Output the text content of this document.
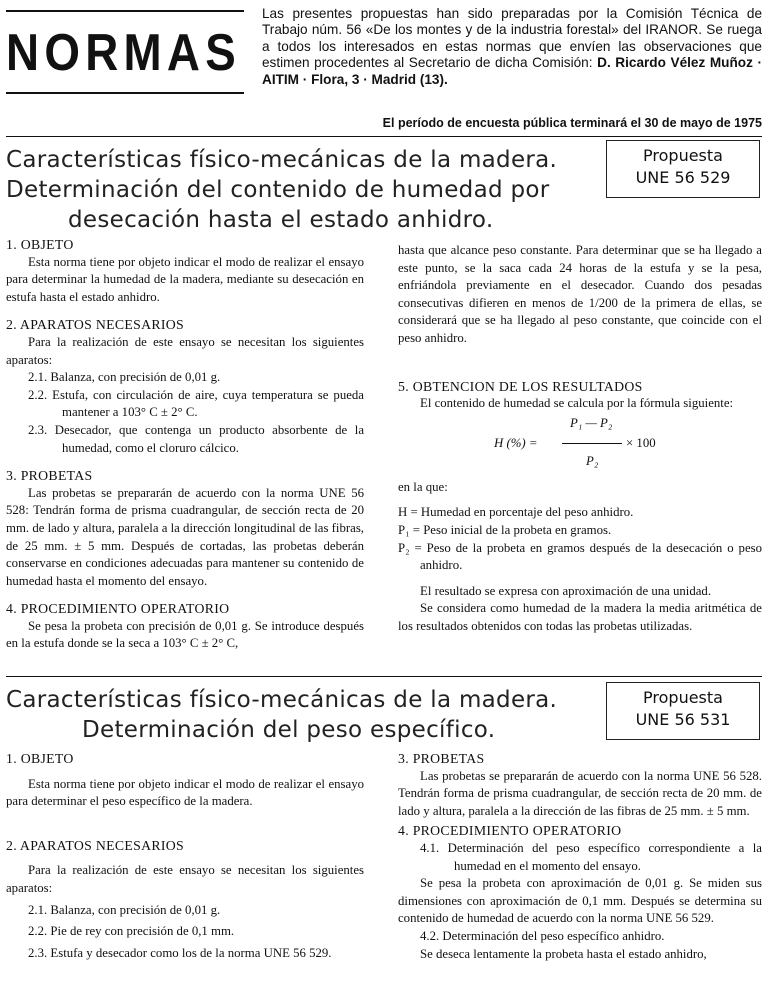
NORMAS
Las presentes propuestas han sido preparadas por la Comisión Técnica de Trabajo núm. 56 «De los montes y de la industria forestal» del IRANOR. Se ruega a todos los interesados en estas normas que envíen las observaciones que estimen procedentes al Secretario de dicha Comisión: D. Ricardo Vélez Muñoz · AITIM · Flora, 3 · Madrid (13).
El período de encuesta pública terminará el 30 de mayo de 1975
Características físico-mecánicas de la madera.
Determinación del contenido de humedad por
desecación hasta el estado anhidro.
Propuesta
UNE 56 529

1. OBJETO

Esta norma tiene por objeto indicar el modo de realizar el ensayo para determinar la humedad de la madera, mediante su desecación en estufa hasta el estado anhidro.

2. APARATOS NECESARIOS

Para la realización de este ensayo se necesitan los siguientes aparatos:

2.1. Balanza, con precisión de 0,01 g.

2.2. Estufa, con circulación de aire, cuya temperatura se pueda mantener a 103° C ± 2° C.

2.3. Desecador, que contenga un producto absorbente de la humedad, como el cloruro cálcico.

3. PROBETAS

Las probetas se prepararán de acuerdo con la norma UNE 56 528: Tendrán forma de prisma cuadrangular, de sección recta de 20 mm. de lado y altura, paralela a la dirección longitudinal de las fibras, de 25 mm. ± 5 mm. Después de cortadas, las probetas deberán conservarse en condiciones adecuadas para mantener su contenido de humedad hasta el momento del ensayo.

4. PROCEDIMIENTO OPERATORIO

Se pesa la probeta con precisión de 0,01 g. Se introduce después en la estufa donde se la seca a 103° C ± 2° C,

hasta que alcance peso constante. Para determinar que se ha llegado a este punto, se la saca cada 24 horas de la estufa y se la pesa, enfriándola previamente en el desecador. Cuando dos pesadas consecutivas difieren en menos de 1/200 de la primera de ellas, se considerará que se ha llegado al peso constante, que coincide con el peso anhidro.

5. OBTENCION DE LOS RESULTADOS

El contenido de humedad se calcula por la fórmula siguiente:

H (%) =
P₁ — P₂
P₂
× 100

en la que:

H = Humedad en porcentaje del peso anhidro.

P₁ = Peso inicial de la probeta en gramos.

P₂ = Peso de la probeta en gramos después de la desecación o peso anhidro.

El resultado se expresa con aproximación de una unidad.

Se considera como humedad de la madera la media aritmética de los resultados obtenidos con todas las probetas utilizadas.

Características físico-mecánicas de la madera.
Determinación del peso específico.
Propuesta
UNE 56 531

1. OBJETO

Esta norma tiene por objeto indicar el modo de realizar el ensayo para determinar el peso específico de la madera.

2. APARATOS NECESARIOS

Para la realización de este ensayo se necesitan los siguientes aparatos:

2.1. Balanza, con precisión de 0,01 g.

2.2. Pie de rey con precisión de 0,1 mm.

2.3. Estufa y desecador como los de la norma UNE 56 529.

3. PROBETAS

Las probetas se prepararán de acuerdo con la norma UNE 56 528. Tendrán forma de prisma cuadrangular, de sección recta de 20 mm. de lado y altura, paralela a la dirección de las fibras de 25 mm. ± 5 mm.

4. PROCEDIMIENTO OPERATORIO

4.1. Determinación del peso específico correspondiente a la humedad en el momento del ensayo.

Se pesa la probeta con aproximación de 0,01 g. Se miden sus dimensiones con aproximación de 0,1 mm. Después se determina su contenido de humedad de acuerdo con la norma UNE 56 529.

4.2. Determinación del peso específico anhidro.

Se deseca lentamente la probeta hasta el estado anhidro,
